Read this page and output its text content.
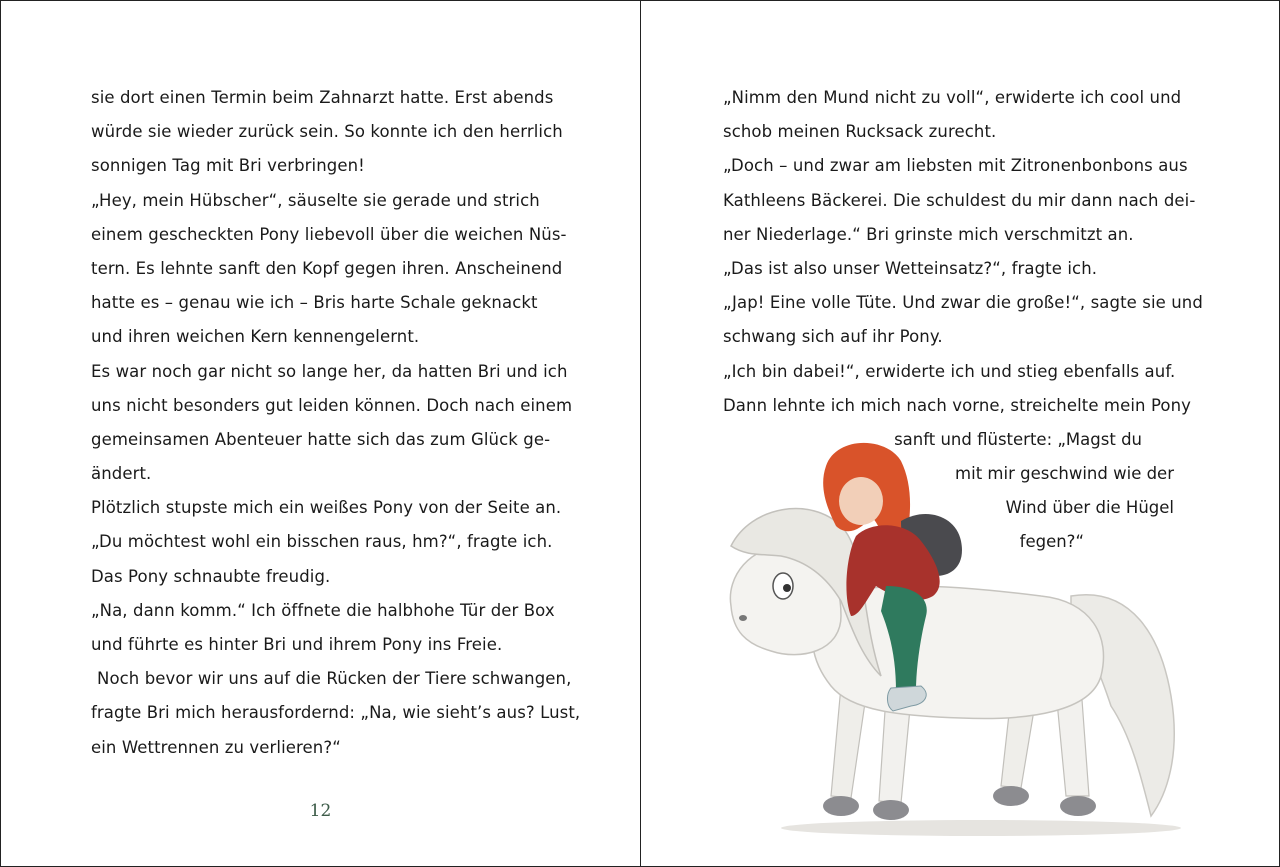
sie dort einen Termin beim Zahnarzt hatte. Erst abends
würde sie wieder zurück sein. So konnte ich den herrlich
sonnigen Tag mit Bri verbringen!
„Hey, mein Hübscher“, säuselte sie gerade und strich
einem gescheckten Pony liebevoll über die weichen Nüs-
tern. Es lehnte sanft den Kopf gegen ihren. Anscheinend
hatte es – genau wie ich – Bris harte Schale geknackt
und ihren weichen Kern kennengelernt.
Es war noch gar nicht so lange her, da hatten Bri und ich
uns nicht besonders gut leiden können. Doch nach einem
gemeinsamen Abenteuer hatte sich das zum Glück ge-
ändert.
Plötzlich stupste mich ein weißes Pony von der Seite an.
„Du möchtest wohl ein bisschen raus, hm?“, fragte ich.
Das Pony schnaubte freudig.
„Na, dann komm.“ Ich öffnete die halbhohe Tür der Box
und führte es hinter Bri und ihrem Pony ins Freie.
Noch bevor wir uns auf die Rücken der Tiere schwangen,
fragte Bri mich herausfordernd: „Na, wie sieht’s aus? Lust,
ein Wettrennen zu verlieren?“
12
„Nimm den Mund nicht zu voll“, erwiderte ich cool und
schob meinen Rucksack zurecht.
„Doch – und zwar am liebsten mit Zitronenbonbons aus
Kathleens Bäckerei. Die schuldest du mir dann nach dei-
ner Niederlage.“ Bri grinste mich verschmitzt an.
„Das ist also unser Wetteinsatz?“, fragte ich.
„Jap! Eine volle Tüte. Und zwar die große!“, sagte sie und
schwang sich auf ihr Pony.
„Ich bin dabei!“, erwiderte ich und stieg ebenfalls auf.
Dann lehnte ich mich nach vorne, streichelte mein Pony
sanft und flüsterte: „Magst du
mit mir geschwind wie der
Wind über die Hügel
fegen?“
